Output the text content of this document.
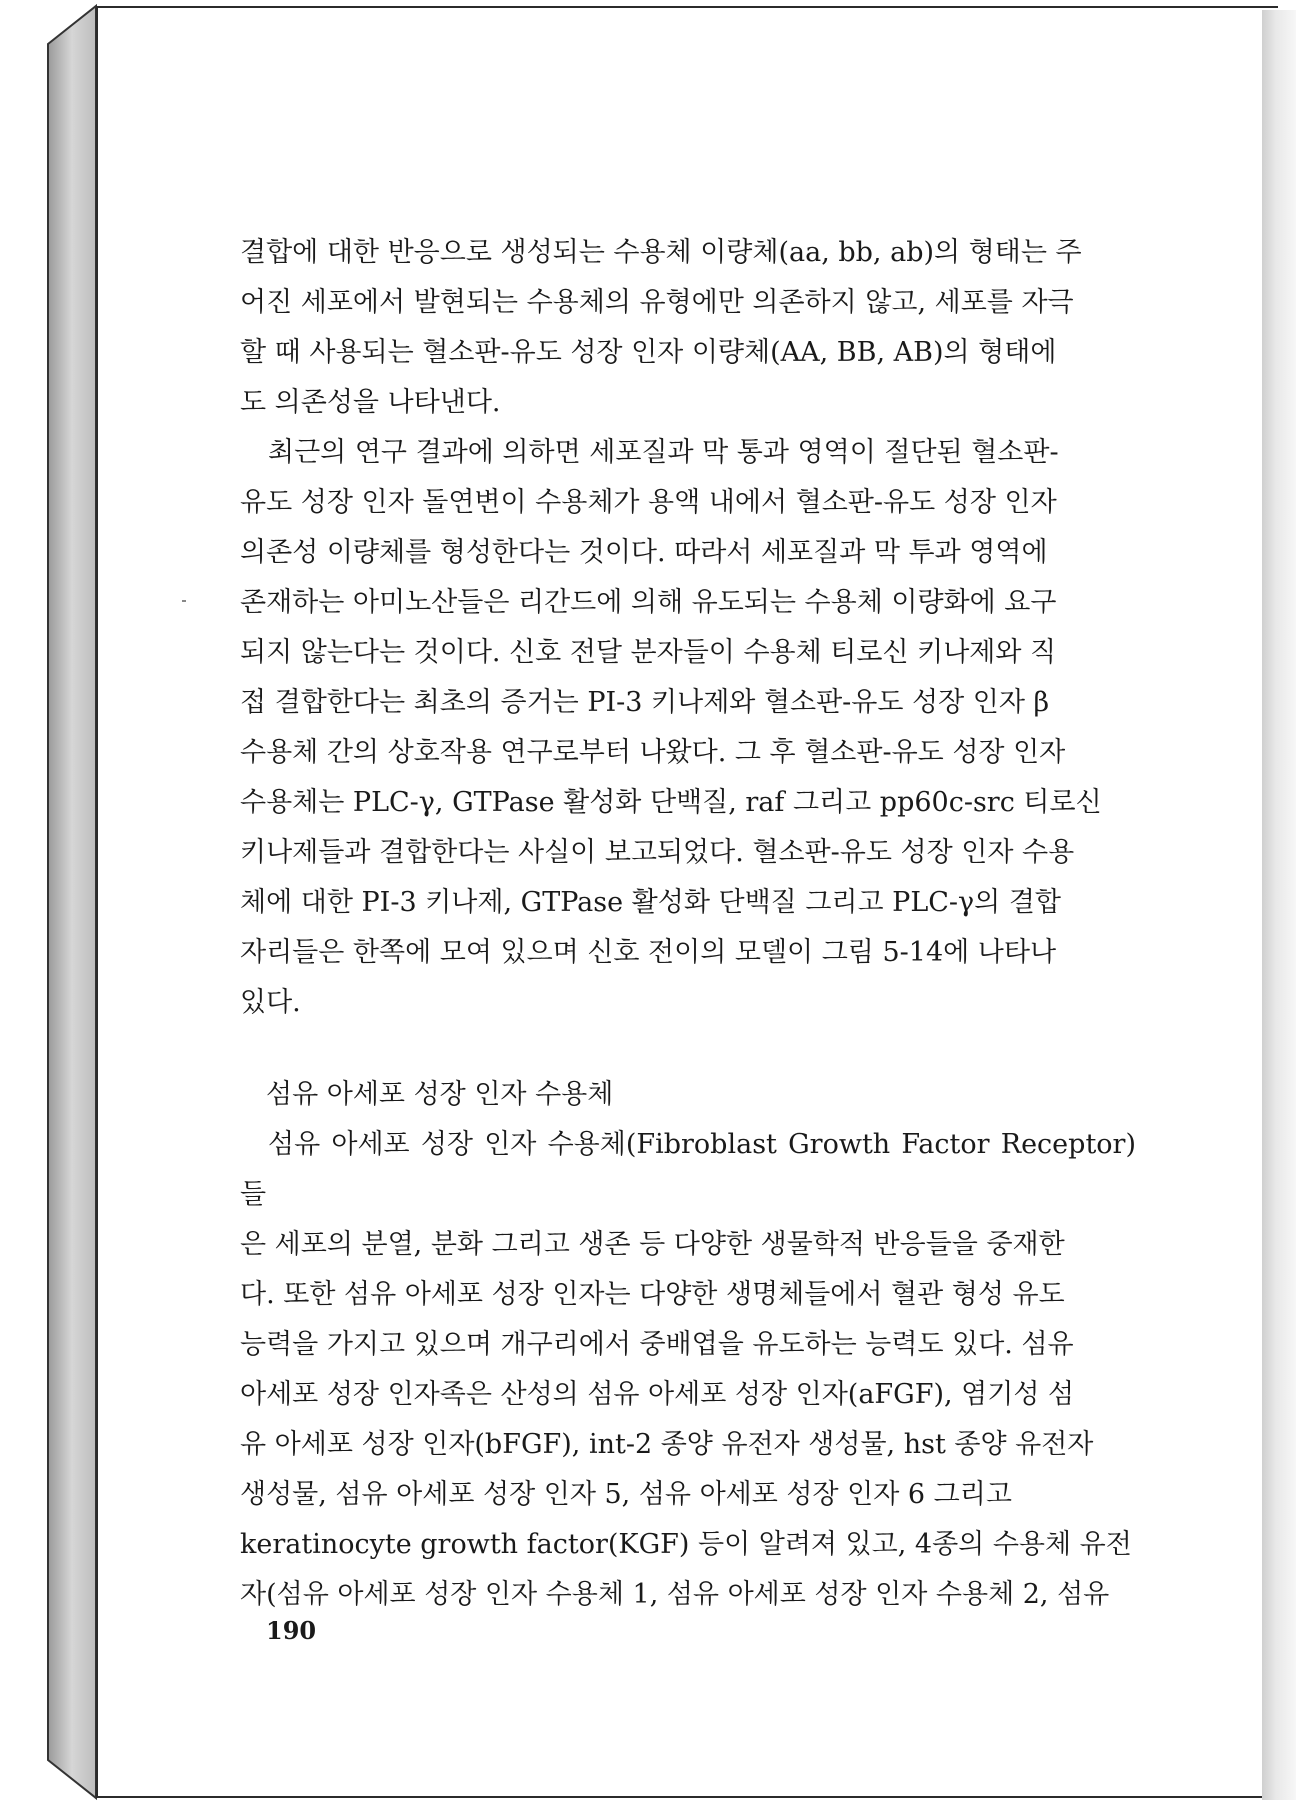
결합에 대한 반응으로 생성되는 수용체 이량체(aa, bb, ab)의 형태는 주

어진 세포에서 발현되는 수용체의 유형에만 의존하지 않고, 세포를 자극

할 때 사용되는 혈소판-유도 성장 인자 이량체(AA, BB, AB)의 형태에

도 의존성을 나타낸다.

최근의 연구 결과에 의하면 세포질과 막 통과 영역이 절단된 혈소판-

유도 성장 인자 돌연변이 수용체가 용액 내에서 혈소판-유도 성장 인자

의존성 이량체를 형성한다는 것이다. 따라서 세포질과 막 투과 영역에

존재하는 아미노산들은 리간드에 의해 유도되는 수용체 이량화에 요구

되지 않는다는 것이다. 신호 전달 분자들이 수용체 티로신 키나제와 직

접 결합한다는 최초의 증거는 PI-3 키나제와 혈소판-유도 성장 인자 β

수용체 간의 상호작용 연구로부터 나왔다. 그 후 혈소판-유도 성장 인자

수용체는 PLC-γ, GTPase 활성화 단백질, raf 그리고 pp60c-src 티로신

키나제들과 결합한다는 사실이 보고되었다. 혈소판-유도 성장 인자 수용

체에 대한 PI-3 키나제, GTPase 활성화 단백질 그리고 PLC-γ의 결합

자리들은 한쪽에 모여 있으며 신호 전이의 모델이 그림 5-14에 나타나

있다.

섬유 아세포 성장 인자 수용체

섬유 아세포 성장 인자 수용체(Fibroblast Growth Factor Receptor)들

은 세포의 분열, 분화 그리고 생존 등 다양한 생물학적 반응들을 중재한

다. 또한 섬유 아세포 성장 인자는 다양한 생명체들에서 혈관 형성 유도

능력을 가지고 있으며 개구리에서 중배엽을 유도하는 능력도 있다. 섬유

아세포 성장 인자족은 산성의 섬유 아세포 성장 인자(aFGF), 염기성 섬

유 아세포 성장 인자(bFGF), int-2 종양 유전자 생성물, hst 종양 유전자

생성물, 섬유 아세포 성장 인자 5, 섬유 아세포 성장 인자 6 그리고

keratinocyte growth factor(KGF) 등이 알려져 있고, 4종의 수용체 유전

자(섬유 아세포 성장 인자 수용체 1, 섬유 아세포 성장 인자 수용체 2, 섬유

190
